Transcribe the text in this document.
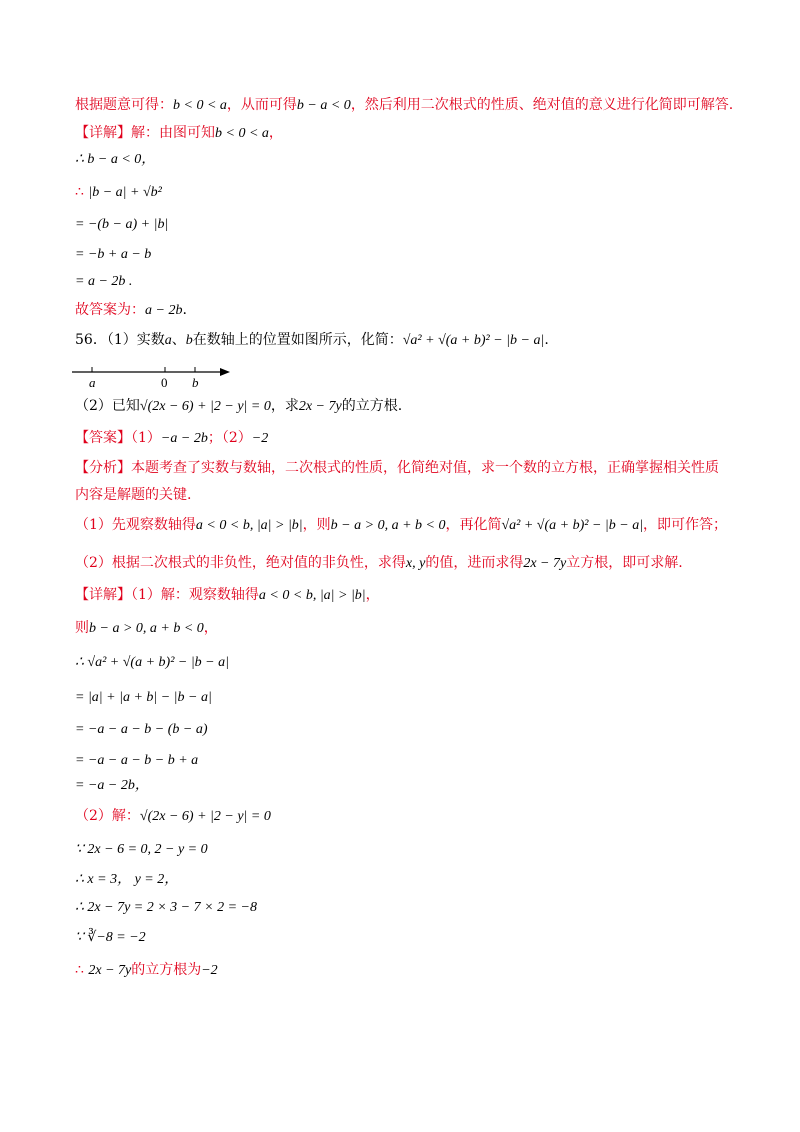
根据题意可得：b < 0 < a，从而可得b − a < 0，然后利用二次根式的性质、绝对值的意义进行化简即可解答.
【详解】解：由图可知b < 0 < a，
∴ b − a < 0，
∴ |b − a| + √b²
= −(b − a) + |b|
= −b + a − b
= a − 2b .
故答案为：a − 2b.
56．（1）实数a、b在数轴上的位置如图所示，化简：√a² + √(a + b)² − |b − a|.
a	0 b
（2）已知√(2x − 6) + |2 − y| = 0，求2x − 7y的立方根.
【答案】（1）−a − 2b；（2）−2
【分析】本题考查了实数与数轴，二次根式的性质，化简绝对值，求一个数的立方根，正确掌握相关性质
内容是解题的关键.
（1）先观察数轴得a < 0 < b, |a| > |b|，则b − a > 0, a + b < 0，再化简√a² + √(a + b)² − |b − a|，即可作答；
（2）根据二次根式的非负性，绝对值的非负性，求得x, y的值，进而求得2x − 7y立方根，即可求解.
【详解】（1）解：观察数轴得a < 0 < b, |a| > |b|，
则b − a > 0, a + b < 0，
∴ √a² + √(a + b)² − |b − a|
= |a| + |a + b| − |b − a|
= −a − a − b − (b − a)
= −a − a − b − b + a
= −a − 2b，
（2）解：√(2x − 6) + |2 − y| = 0
∵ 2x − 6 = 0, 2 − y = 0
∴ x = 3， y = 2，
∴ 2x − 7y = 2 × 3 − 7 × 2 = −8
∵ ∛−8 = −2
∴ 2x − 7y的立方根为−2
